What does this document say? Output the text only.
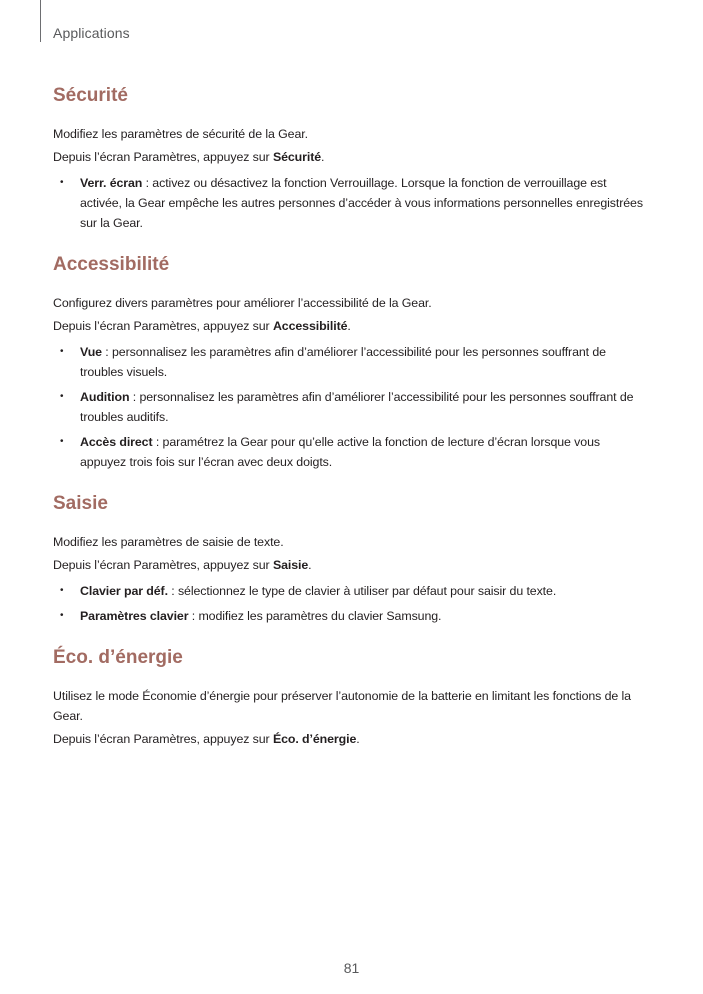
Applications
Sécurité

Modifiez les paramètres de sécurité de la Gear.

Depuis l’écran Paramètres, appuyez sur Sécurité.

• Verr. écran : activez ou désactivez la fonction Verrouillage. Lorsque la fonction de verrouillage est activée, la Gear empêche les autres personnes d’accéder à vous informations personnelles enregistrées sur la Gear.
Accessibilité

Configurez divers paramètres pour améliorer l’accessibilité de la Gear.

Depuis l’écran Paramètres, appuyez sur Accessibilité.

• Vue : personnalisez les paramètres afin d’améliorer l’accessibilité pour les personnes souffrant de troubles visuels.
• Audition : personnalisez les paramètres afin d’améliorer l’accessibilité pour les personnes souffrant de troubles auditifs.
• Accès direct : paramétrez la Gear pour qu’elle active la fonction de lecture d’écran lorsque vous appuyez trois fois sur l’écran avec deux doigts.
Saisie

Modifiez les paramètres de saisie de texte.

Depuis l’écran Paramètres, appuyez sur Saisie.

• Clavier par déf. : sélectionnez le type de clavier à utiliser par défaut pour saisir du texte.
• Paramètres clavier : modifiez les paramètres du clavier Samsung.
Éco. d’énergie

Utilisez le mode Économie d’énergie pour préserver l’autonomie de la batterie en limitant les fonctions de la Gear.

Depuis l’écran Paramètres, appuyez sur Éco. d’énergie.

81
